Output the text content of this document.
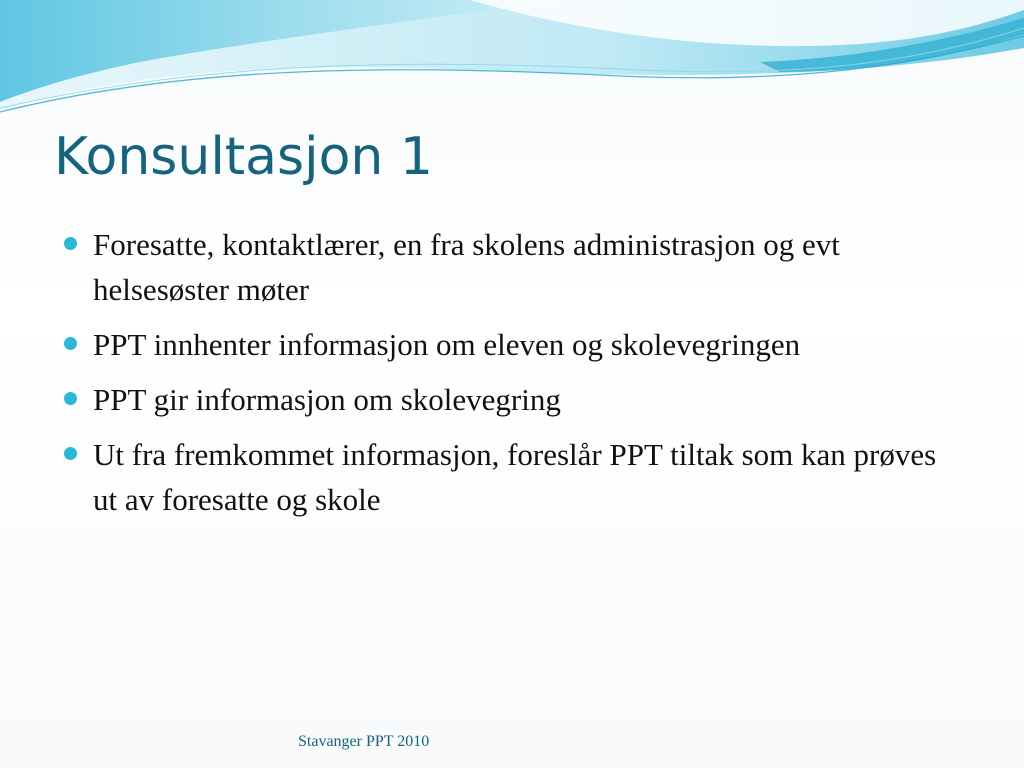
Konsultasjon 1
Foresatte, kontaktlærer, en fra skolens administrasjon og evt helsesøster møter
PPT innhenter informasjon om eleven og skolevegringen
PPT gir informasjon om skolevegring
Ut fra fremkommet informasjon, foreslår PPT tiltak som kan prøves ut av foresatte og skole
Stavanger PPT 2010
